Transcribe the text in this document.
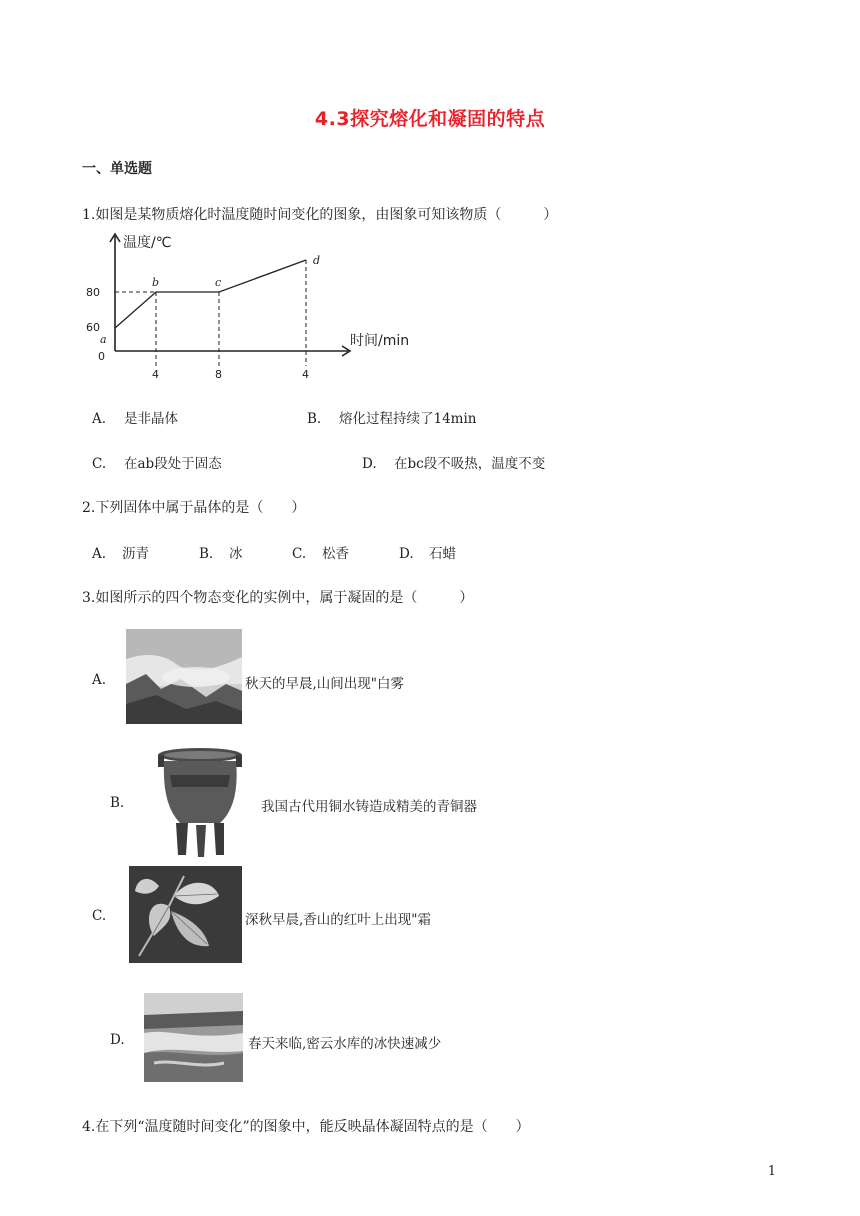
4.3探究熔化和凝固的特点
一、单选题
1.如图是某物质熔化时温度随时间变化的图象，由图象可知该物质（　　　）
温度/℃
时间/min
80
60
0
4	8	4
a
b	c
d
A. 是非晶体	B. 熔化过程持续了14min
C. 在ab段处于固态	D. 在bc段不吸热，温度不变
2.下列固体中属于晶体的是（　　）
A. 沥青	B. 冰	C. 松香	D. 石蜡
3.如图所示的四个物态变化的实例中，属于凝固的是（　　　）
A.	秋天的早晨,山间出现"白雾
B.	我国古代用铜水铸造成精美的青铜器
C.	深秋早晨,香山的红叶上出现"霜
D.	春天来临,密云水库的冰快速减少
4.在下列“温度随时间变化”的图象中，能反映晶体凝固特点的是（　　）
1
